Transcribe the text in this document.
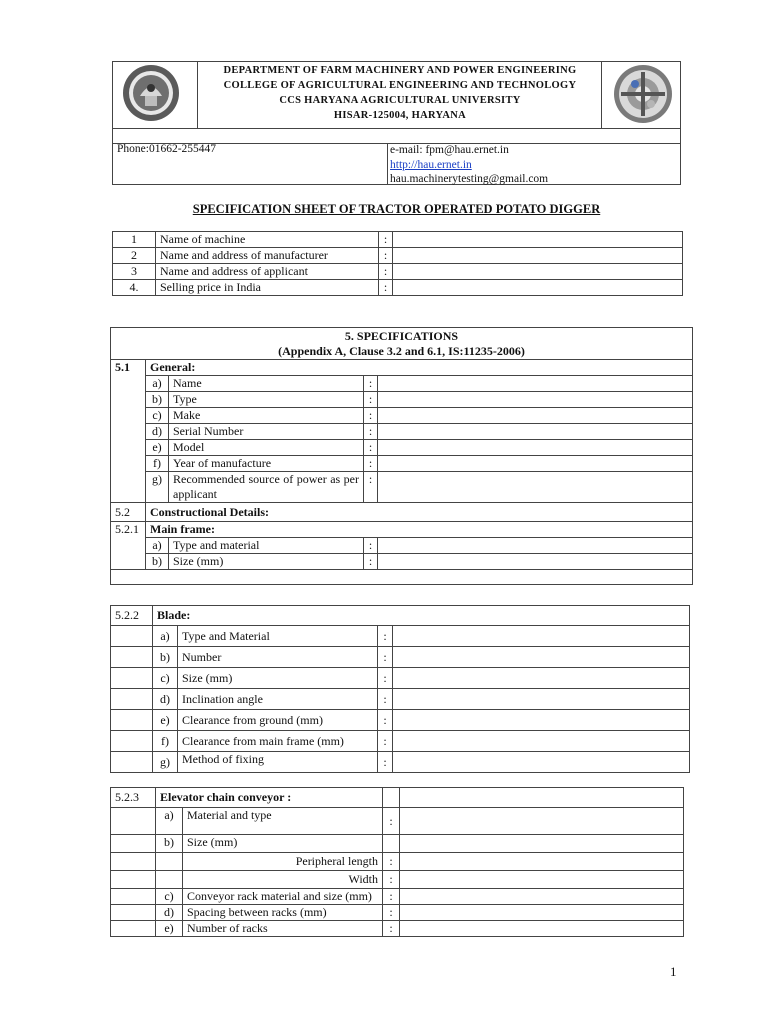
DEPARTMENT OF FARM MACHINERY AND POWER ENGINEERING
COLLEGE OF AGRICULTURAL ENGINEERING AND TECHNOLOGY
CCS HARYANA AGRICULTURAL UNIVERSITY
HISAR-125004, HARYANA
Phone:01662-255447	e-mail: fpm@hau.ernet.in
http://hau.ernet.in
hau.machinerytesting@gmail.com
SPECIFICATION SHEET OF TRACTOR OPERATED POTATO DIGGER
1	Name of machine	:	
2	Name and address of manufacturer	:	
3	Name and address of applicant	:	
4.	Selling price in India	:	
5. SPECIFICATIONS
(Appendix A, Clause 3.2 and 6.1, IS:11235-2006)				

5.1	General:			
	a)	Name	:	
	b)	Type	:	
	c)	Make	:	
	d)	Serial Number	:	
	e)	Model	:	
	f)	Year of manufacture	:	
	g)	Recommended source of power as per applicant	:	
5.2	Constructional Details:			
5.2.1	Main frame:			
	a)	Type and material	:	
	b)	Size (mm)	:	

5.2.2	Blade:			
	a)	Type and Material	:	
	b)	Number	:	
	c)	Size (mm)	:	
	d)	Inclination angle	:	
	e)	Clearance from ground (mm)	:	
	f)	Clearance from main frame (mm)	:	
	g)	Method of fixing	:	
5.2.3	Elevator chain conveyor :			
	a)	Material and type	:	
	b)	Size (mm)		
		Peripheral length	:	
		Width	:	
	c)	Conveyor rack material and size (mm)	:	
	d)	Spacing between racks (mm)	:	
	e)	Number of racks	:	
1
